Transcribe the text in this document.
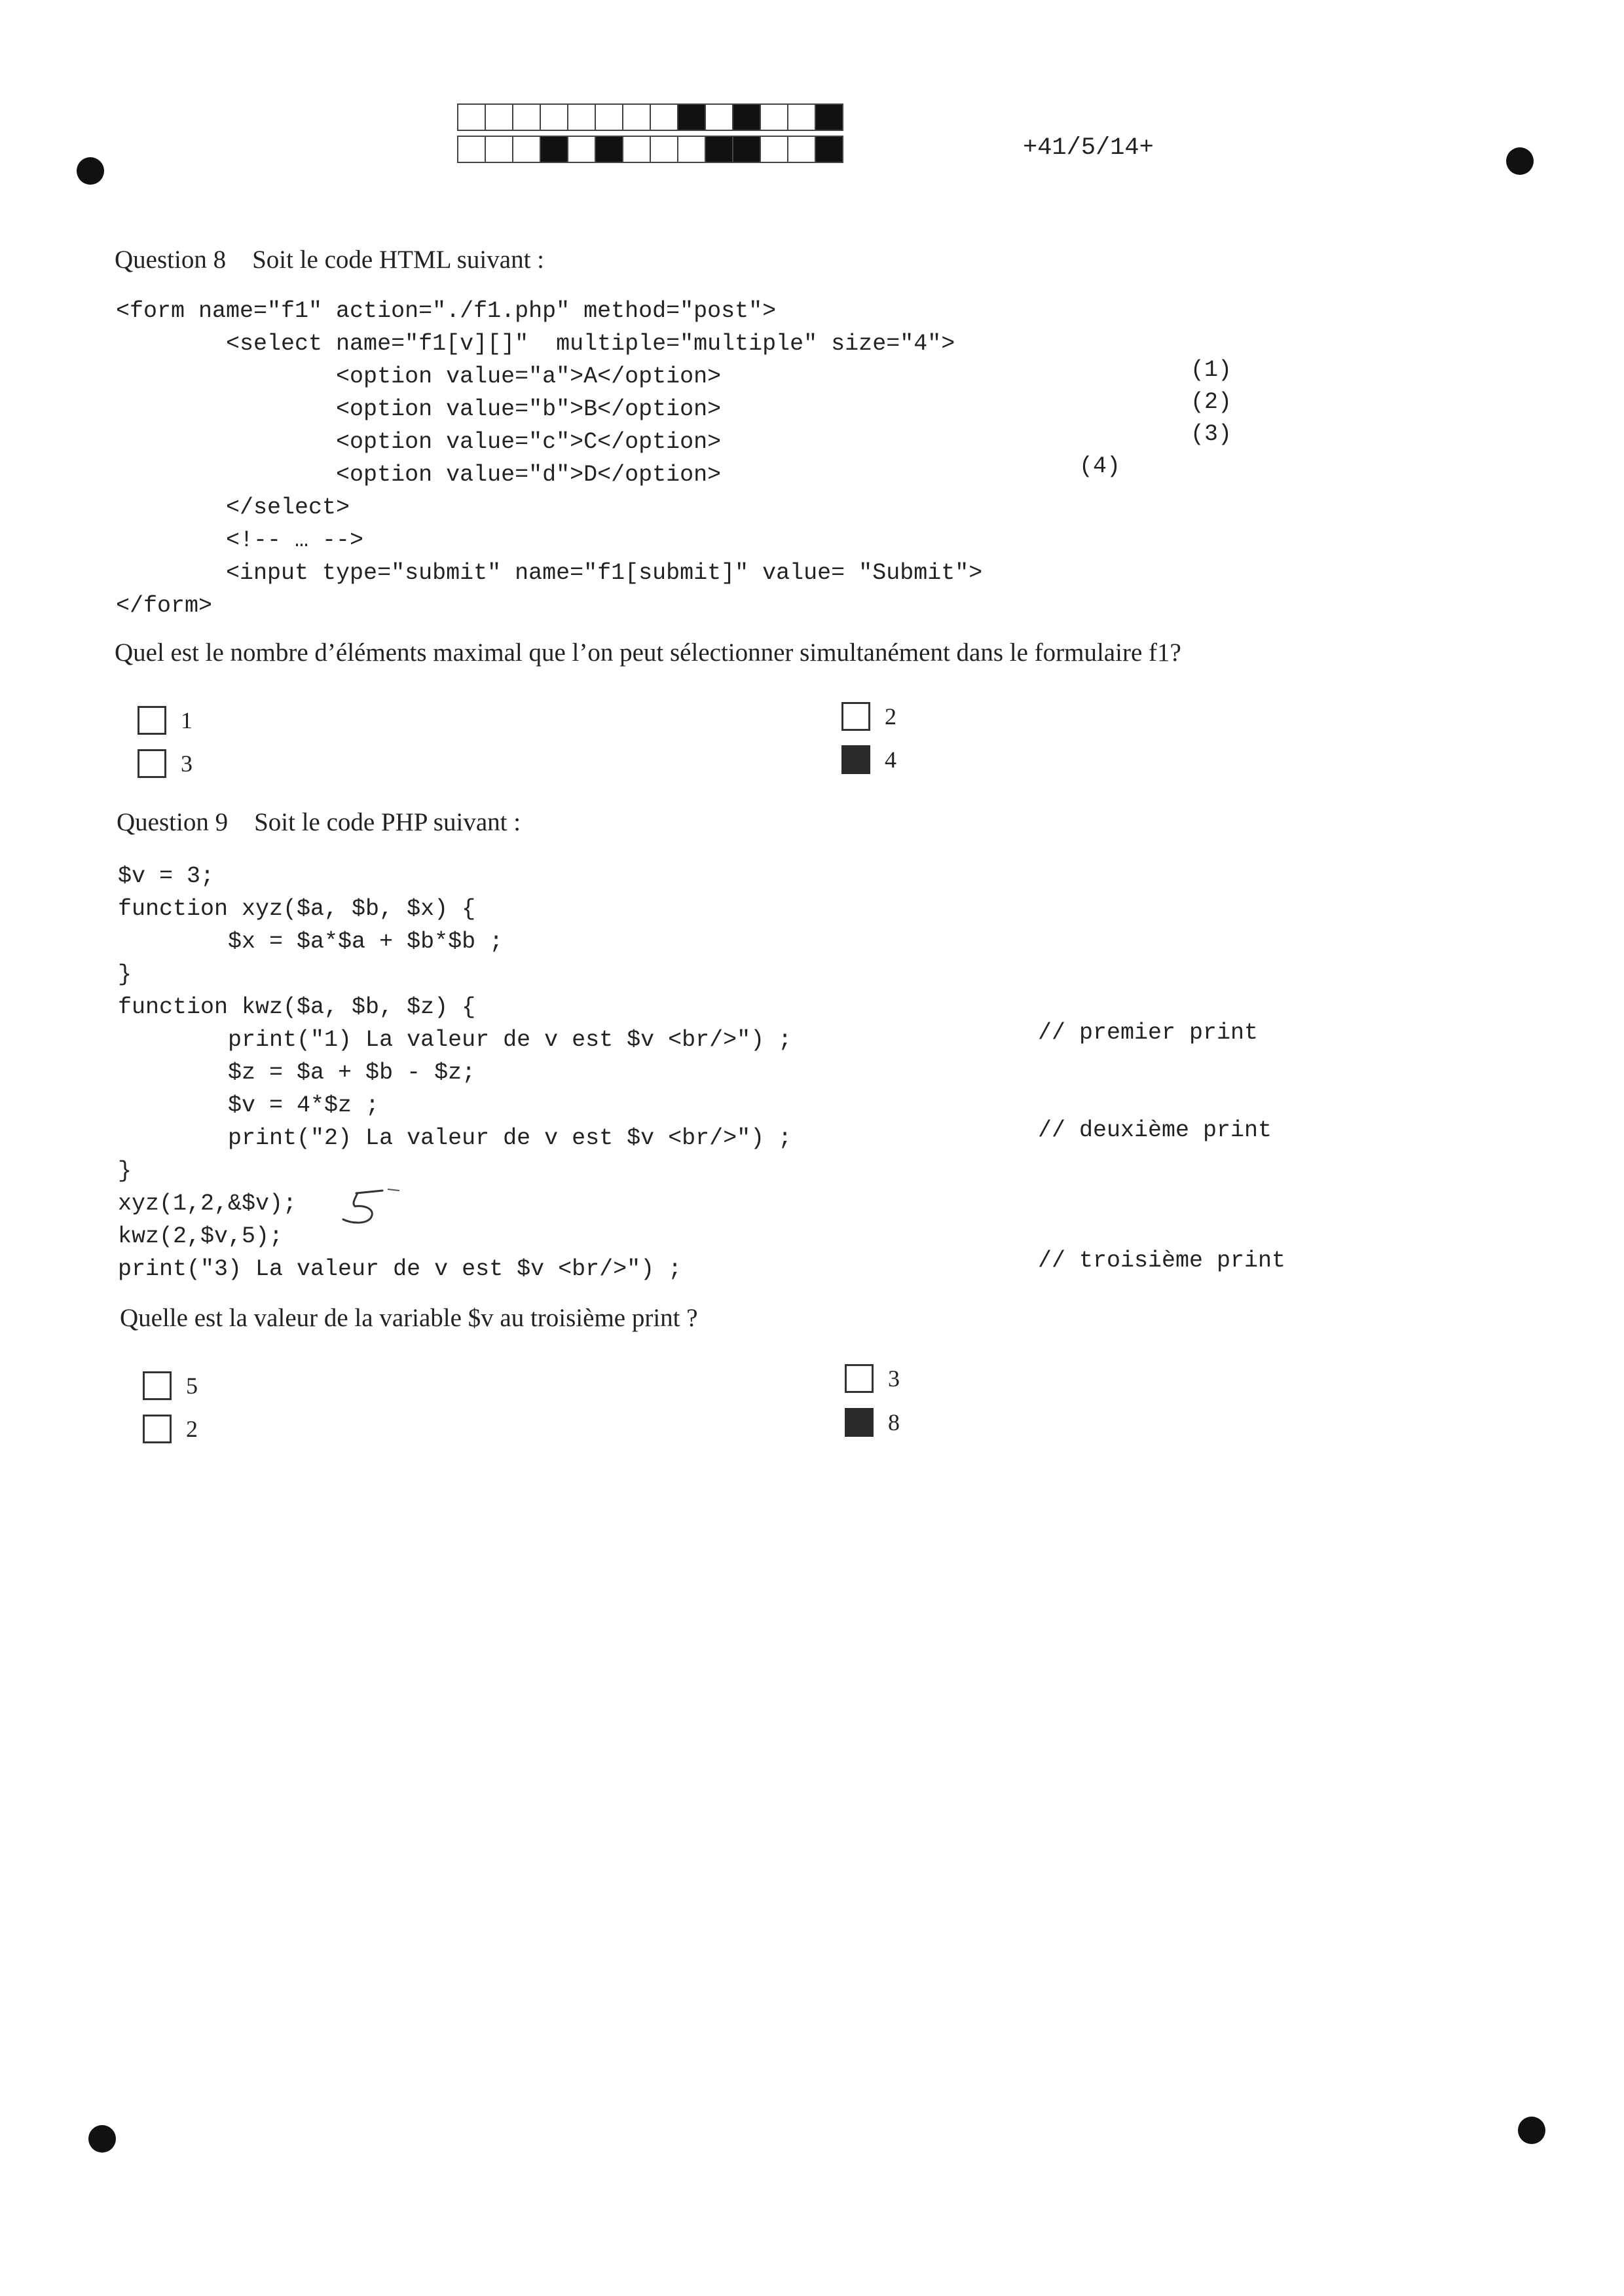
+41/5/14+
Question 8 Soit le code HTML suivant :
<form name="f1" action="./f1.php" method="post">
<select name="f1[v][]"  multiple="multiple" size="4">
<option value="a">A</option>
<option value="b">B</option>
<option value="c">C</option>
<option value="d">D</option>
</select>
<!-- … -->
<input type="submit" name="f1[submit]" value= "Submit">
</form>
(1)
(2)
(3)
(4)
Quel est le nombre d’éléments maximal que l’on peut sélectionner simultanément dans le formulaire f1?
1	2
3	4
Question 9 Soit le code PHP suivant :
$v = 3;
function xyz($a, $b, $x) {
$x = $a*$a + $b*$b ;
}
function kwz($a, $b, $z) {
print("1) La valeur de v est $v <br/>") ;
$z = $a + $b - $z;
$v = 4*$z ;
print("2) La valeur de v est $v <br/>") ;
}
xyz(1,2,&$v);
kwz(2,$v,5);
print("3) La valeur de v est $v <br/>") ;
// premier print
// deuxième print
// troisième print
Quelle est la valeur de la variable $v au troisième print ?
5	3
2	8
